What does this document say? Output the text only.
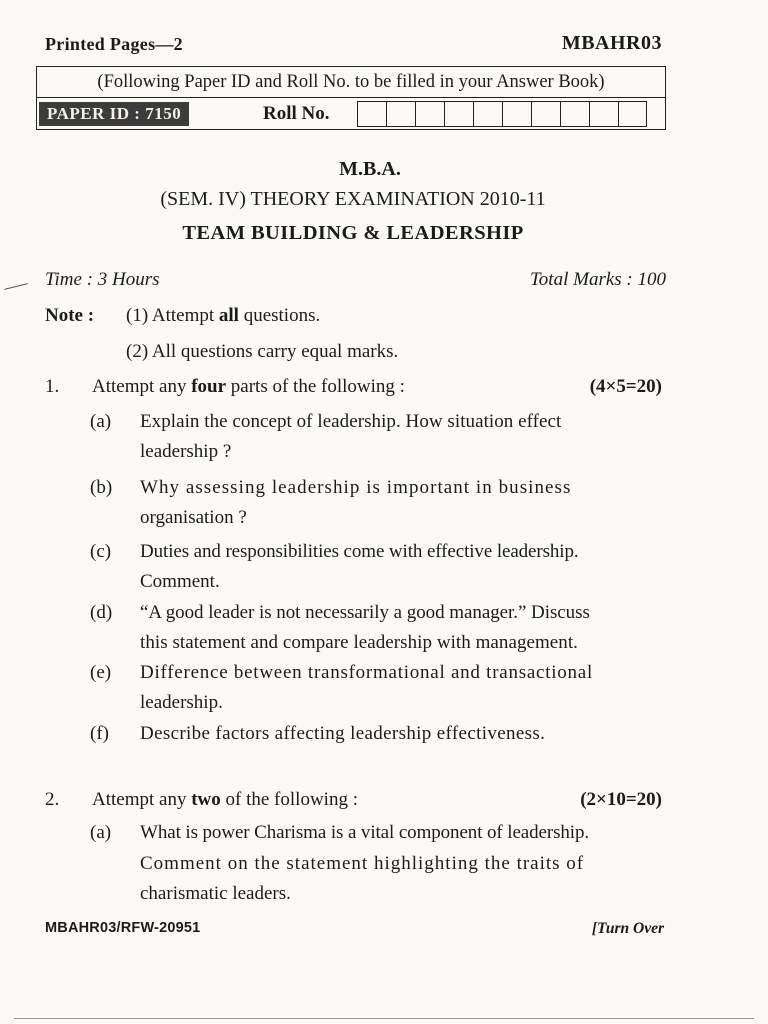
Printed Pages—2	MBAHR03
(Following Paper ID and Roll No. to be filled in your Answer Book)
PAPER ID : 7150	Roll No.
M.B.A.
(SEM. IV) THEORY EXAMINATION 2010-11
TEAM BUILDING & LEADERSHIP
Time : 3 Hours	Total Marks : 100
Note : (1) Attempt all questions.
(2) All questions carry equal marks.
1. Attempt any four parts of the following :	(4×5=20)
(a) Explain the concept of leadership. How situation effect
leadership ?
(b) Why assessing leadership is important in business
organisation ?
(c) Duties and responsibilities come with effective leadership.
Comment.
(d) “A good leader is not necessarily a good manager.” Discuss
this statement and compare leadership with management.
(e) Difference between transformational and transactional
leadership.
(f) Describe factors affecting leadership effectiveness.
2. Attempt any two of the following :	(2×10=20)
(a) What is power Charisma is a vital component of leadership.
Comment on the statement highlighting the traits of
charismatic leaders.
MBAHR03/RFW-20951	[Turn Over
